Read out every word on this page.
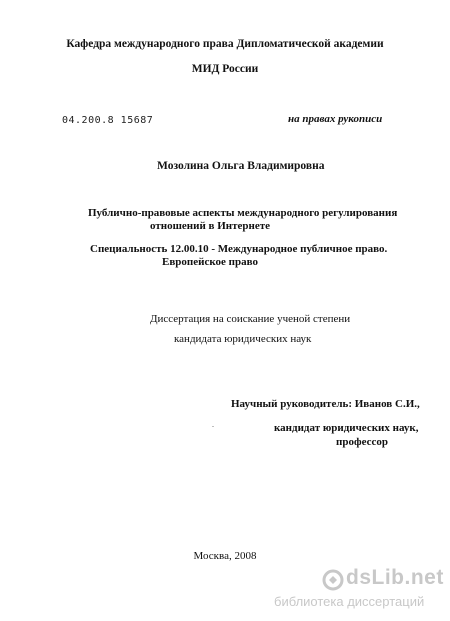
Кафедра международного права Дипломатической академии
МИД России
04.200.8 15687	на правах рукописи
Мозолина Ольга Владимировна
Публично-правовые аспекты международного регулирования
отношений в Интернете
Специальность 12.00.10 - Международное публичное право.
Европейское право
Диссертация на соискание ученой степени
кандидата юридических наук
Научный руководитель: Иванов С.И.,
.	кандидат юридических наук,
профессор
Москва, 2008
dsLib.net
библиотека диссертаций
